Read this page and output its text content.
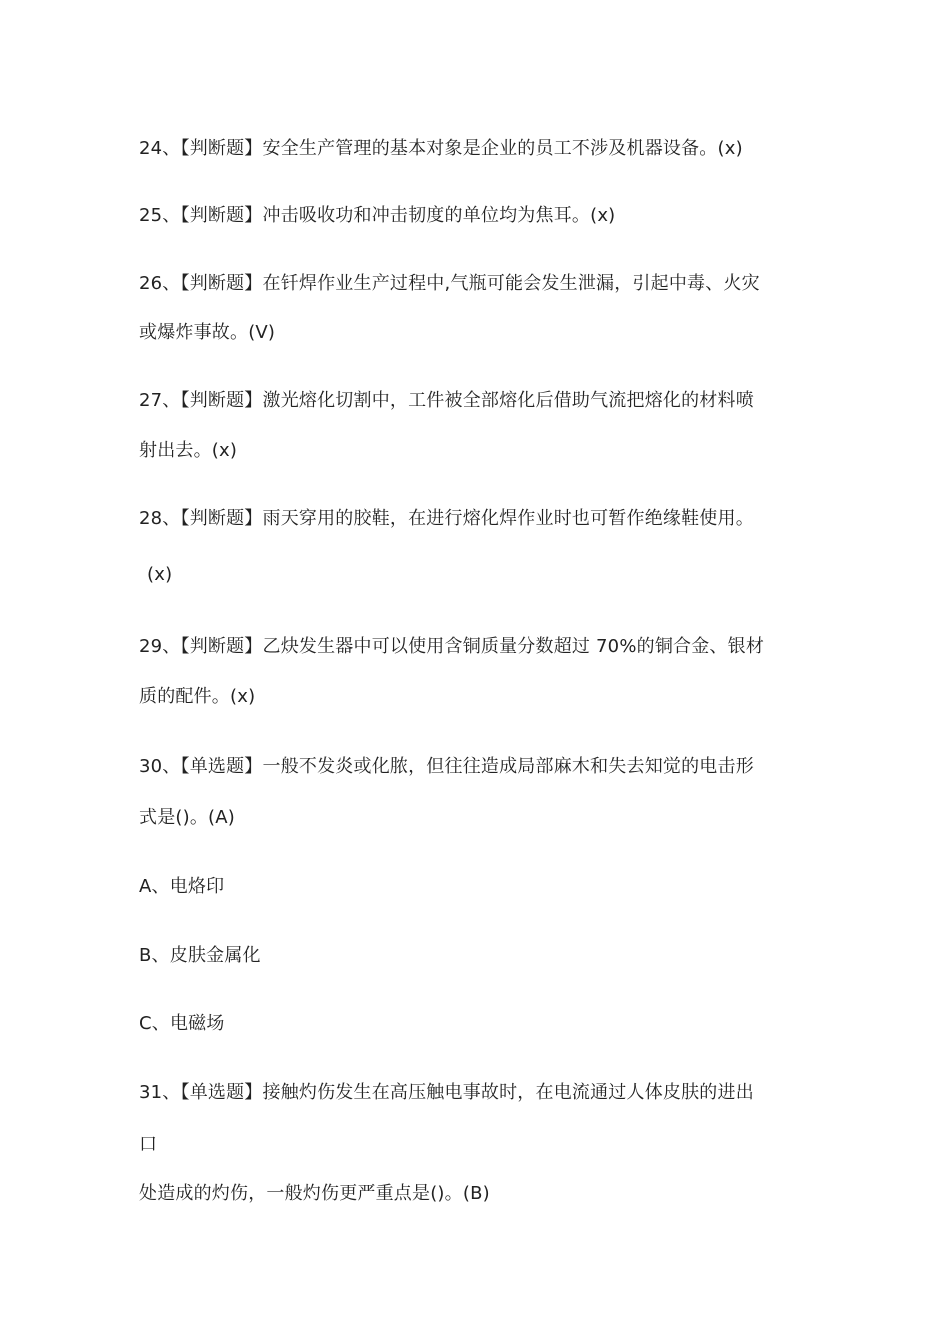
24、【判断题】安全生产管理的基本对象是企业的员工不涉及机器设备。(x)
25、【判断题】冲击吸收功和冲击韧度的单位均为焦耳。(x)
26、【判断题】在钎焊作业生产过程中,气瓶可能会发生泄漏，引起中毒、火灾
或爆炸事故。(V)
27、【判断题】激光熔化切割中，工件被全部熔化后借助气流把熔化的材料喷
射出去。(x)
28、【判断题】雨天穿用的胶鞋，在进行熔化焊作业时也可暂作绝缘鞋使用。
(x)
29、【判断题】乙炔发生器中可以使用含铜质量分数超过 70%的铜合金、银材
质的配件。(x)
30、【单选题】一般不发炎或化脓，但往往造成局部麻木和失去知觉的电击形
式是()。(A)
A、电烙印
B、皮肤金属化
C、电磁场
31、【单选题】接触灼伤发生在高压触电事故时，在电流通过人体皮肤的进出
口
处造成的灼伤，一般灼伤更严重点是()。(B)
